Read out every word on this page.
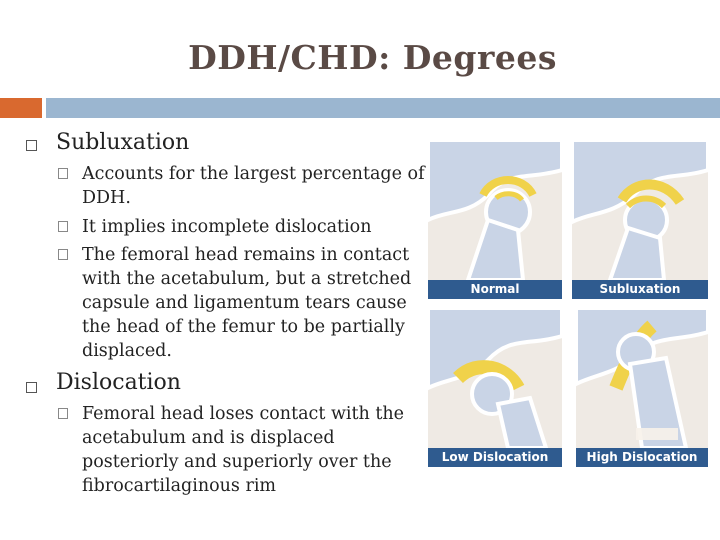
DDH/CHD: Degrees
Subluxation
Accounts for the largest percentage of DDH.
It implies incomplete dislocation
The femoral head remains in contact with the acetabulum, but a stretched capsule and ligamentum tears cause the head of the femur to be partially displaced.
Dislocation
Femoral head loses contact with the acetabulum and is displaced posteriorly and superiorly over the fibrocartilaginous rim
Normal	Subluxation
Low Dislocation	High Dislocation
